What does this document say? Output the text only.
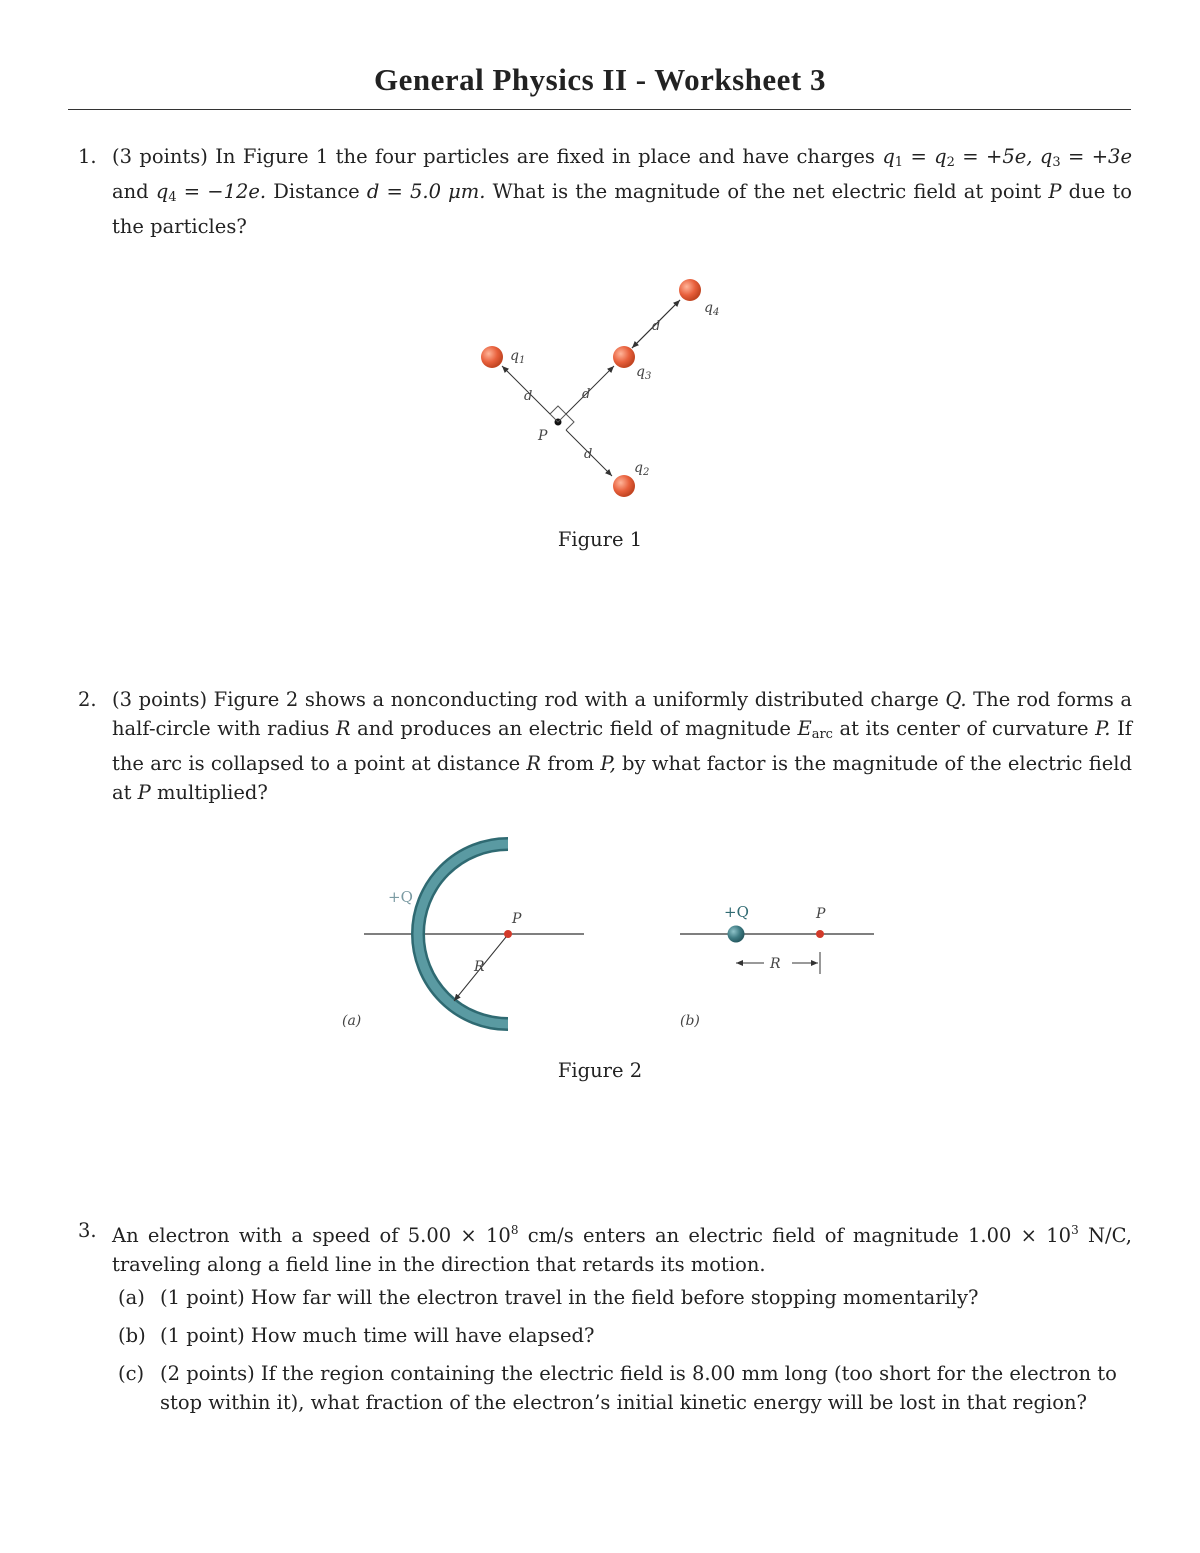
General Physics II - Worksheet 3
1. (3 points) In Figure 1 the four particles are fixed in place and have charges $q_1 = q_2 = +5e$, $q_3 = +3e$ and $q_4 = -12e$. Distance d = 5.0 μm. What is the magnitude of the net electric field at point P due to the particles?
$q_1$
$q_3$
$q_2$
$q_4$
d	d
d
d
P
Figure 1
2. (3 points) Figure 2 shows a nonconducting rod with a uniformly distributed charge Q. The rod forms a half-circle with radius R and produces an electric field of magnitude $E_{arc}$ at its center of curvature P. If the arc is collapsed to a point at distance R from P, by what factor is the magnitude of the electric field at P multiplied?
+Q
P
R
(a)
+Q	P
R
(b)
Figure 2
3. An electron with a speed of $5.00 \times 10^8$ cm/s enters an electric field of magnitude $1.00 \times 10^3$ N/C, traveling along a field line in the direction that retards its motion.
(a) (1 point) How far will the electron travel in the field before stopping momentarily?
(b) (1 point) How much time will have elapsed?
(c) (2 points) If the region containing the electric field is 8.00 mm long (too short for the electron to stop within it), what fraction of the electron’s initial kinetic energy will be lost in that region?
